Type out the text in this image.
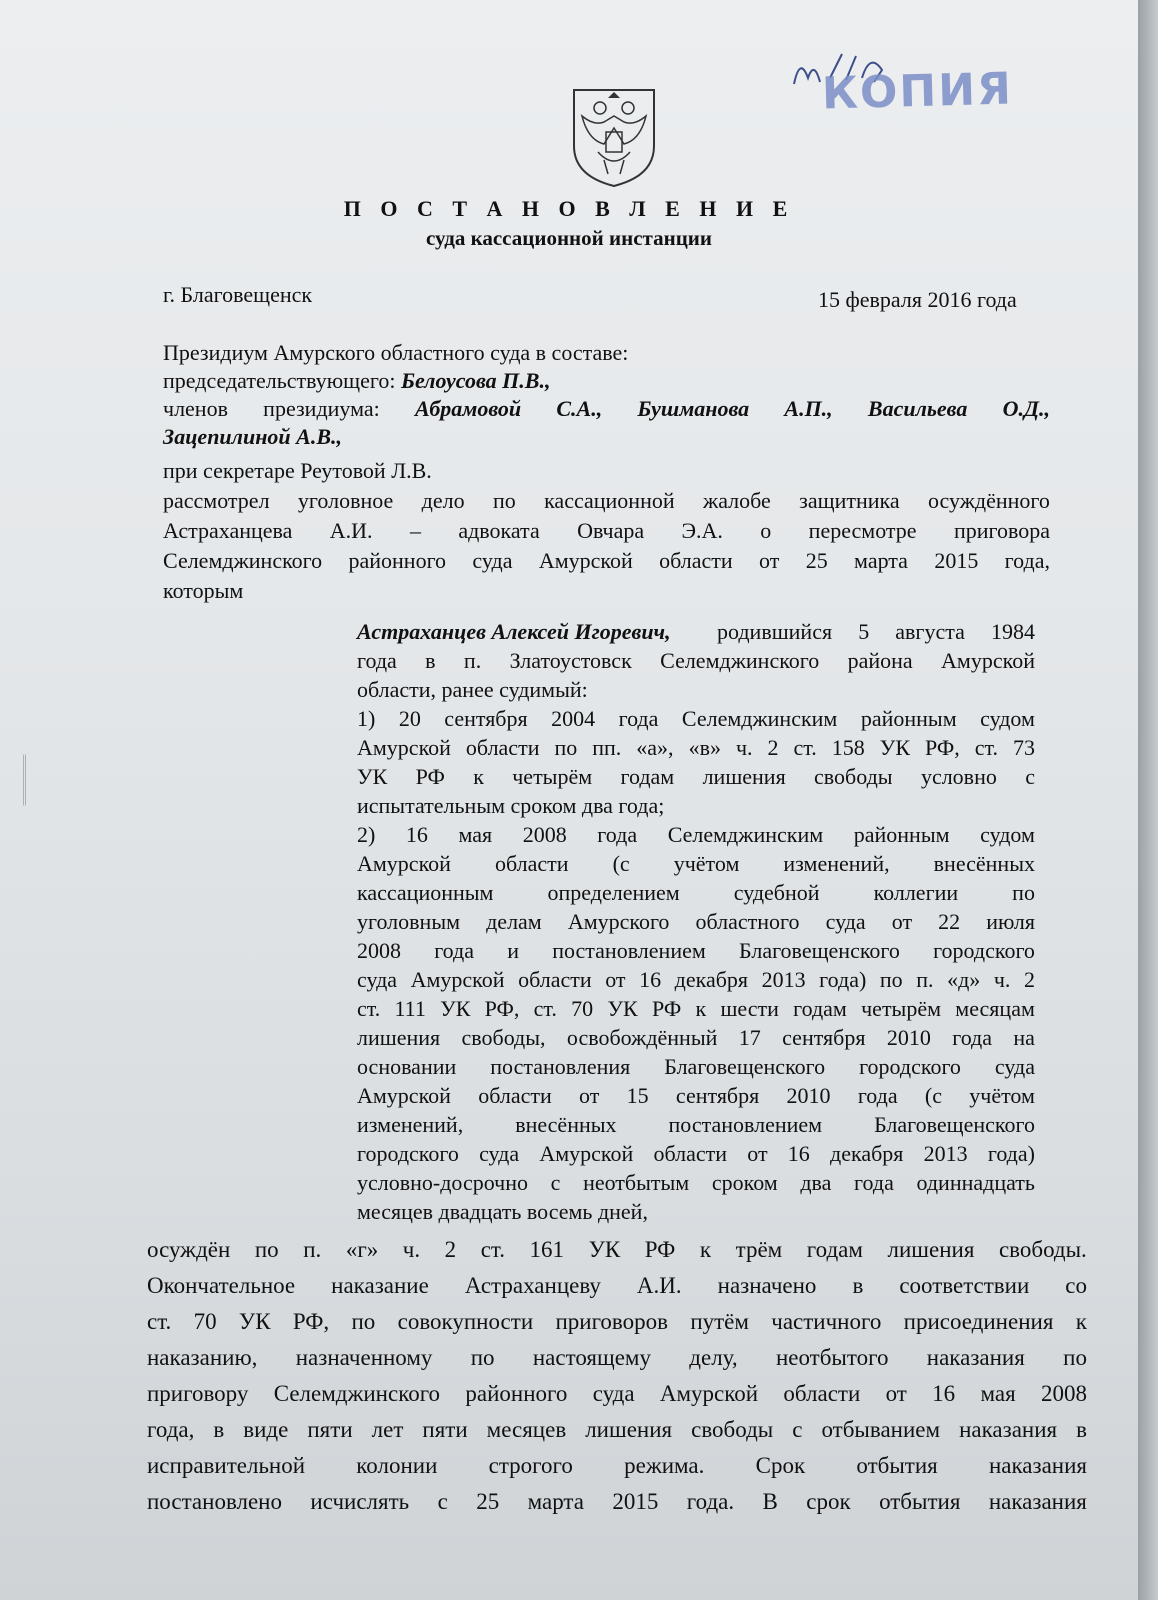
КОПИЯ
П О С Т А Н О В Л Е Н И Е
суда кассационной инстанции
г. Благовещенск	15 февраля 2016 года
Президиум Амурского областного суда в составе:
председательствующего: Белоусова П.В.,
членов президиума: Абрамовой С.А., Бушманова А.П., Васильева О.Д.,
Зацепилиной А.В.,
при секретаре Реутовой Л.В.
рассмотрел уголовное дело по кассационной жалобе защитника осуждённого
Астраханцева А.И. – адвоката Овчара Э.А. о пересмотре приговора
Селемджинского районного суда Амурской области от 25 марта 2015 года,
которым
Астраханцев Алексей Игоревич, родившийся 5 августа 1984
года в п. Златоустовск Селемджинского района Амурской
области, ранее судимый:
1) 20 сентября 2004 года Селемджинским районным судом
Амурской области по пп. «а», «в» ч. 2 ст. 158 УК РФ, ст. 73
УК РФ к четырём годам лишения свободы условно с
испытательным сроком два года;
2) 16 мая 2008 года Селемджинским районным судом
Амурской области (с учётом изменений, внесённых
кассационным определением судебной коллегии по
уголовным делам Амурского областного суда от 22 июля
2008 года и постановлением Благовещенского городского
суда Амурской области от 16 декабря 2013 года) по п. «д» ч. 2
ст. 111 УК РФ, ст. 70 УК РФ к шести годам четырём месяцам
лишения свободы, освобождённый 17 сентября 2010 года на
основании постановления Благовещенского городского суда
Амурской области от 15 сентября 2010 года (с учётом
изменений, внесённых постановлением Благовещенского
городского суда Амурской области от 16 декабря 2013 года)
условно-досрочно с неотбытым сроком два года одиннадцать
месяцев двадцать восемь дней,
осуждён по п. «г» ч. 2 ст. 161 УК РФ к трём годам лишения свободы.
Окончательное наказание Астраханцеву А.И. назначено в соответствии со
ст. 70 УК РФ, по совокупности приговоров путём частичного присоединения к
наказанию, назначенному по настоящему делу, неотбытого наказания по
приговору Селемджинского районного суда Амурской области от 16 мая 2008
года, в виде пяти лет пяти месяцев лишения свободы с отбыванием наказания в
исправительной колонии строгого режима. Срок отбытия наказания
постановлено исчислять с 25 марта 2015 года. В срок отбытия наказания
